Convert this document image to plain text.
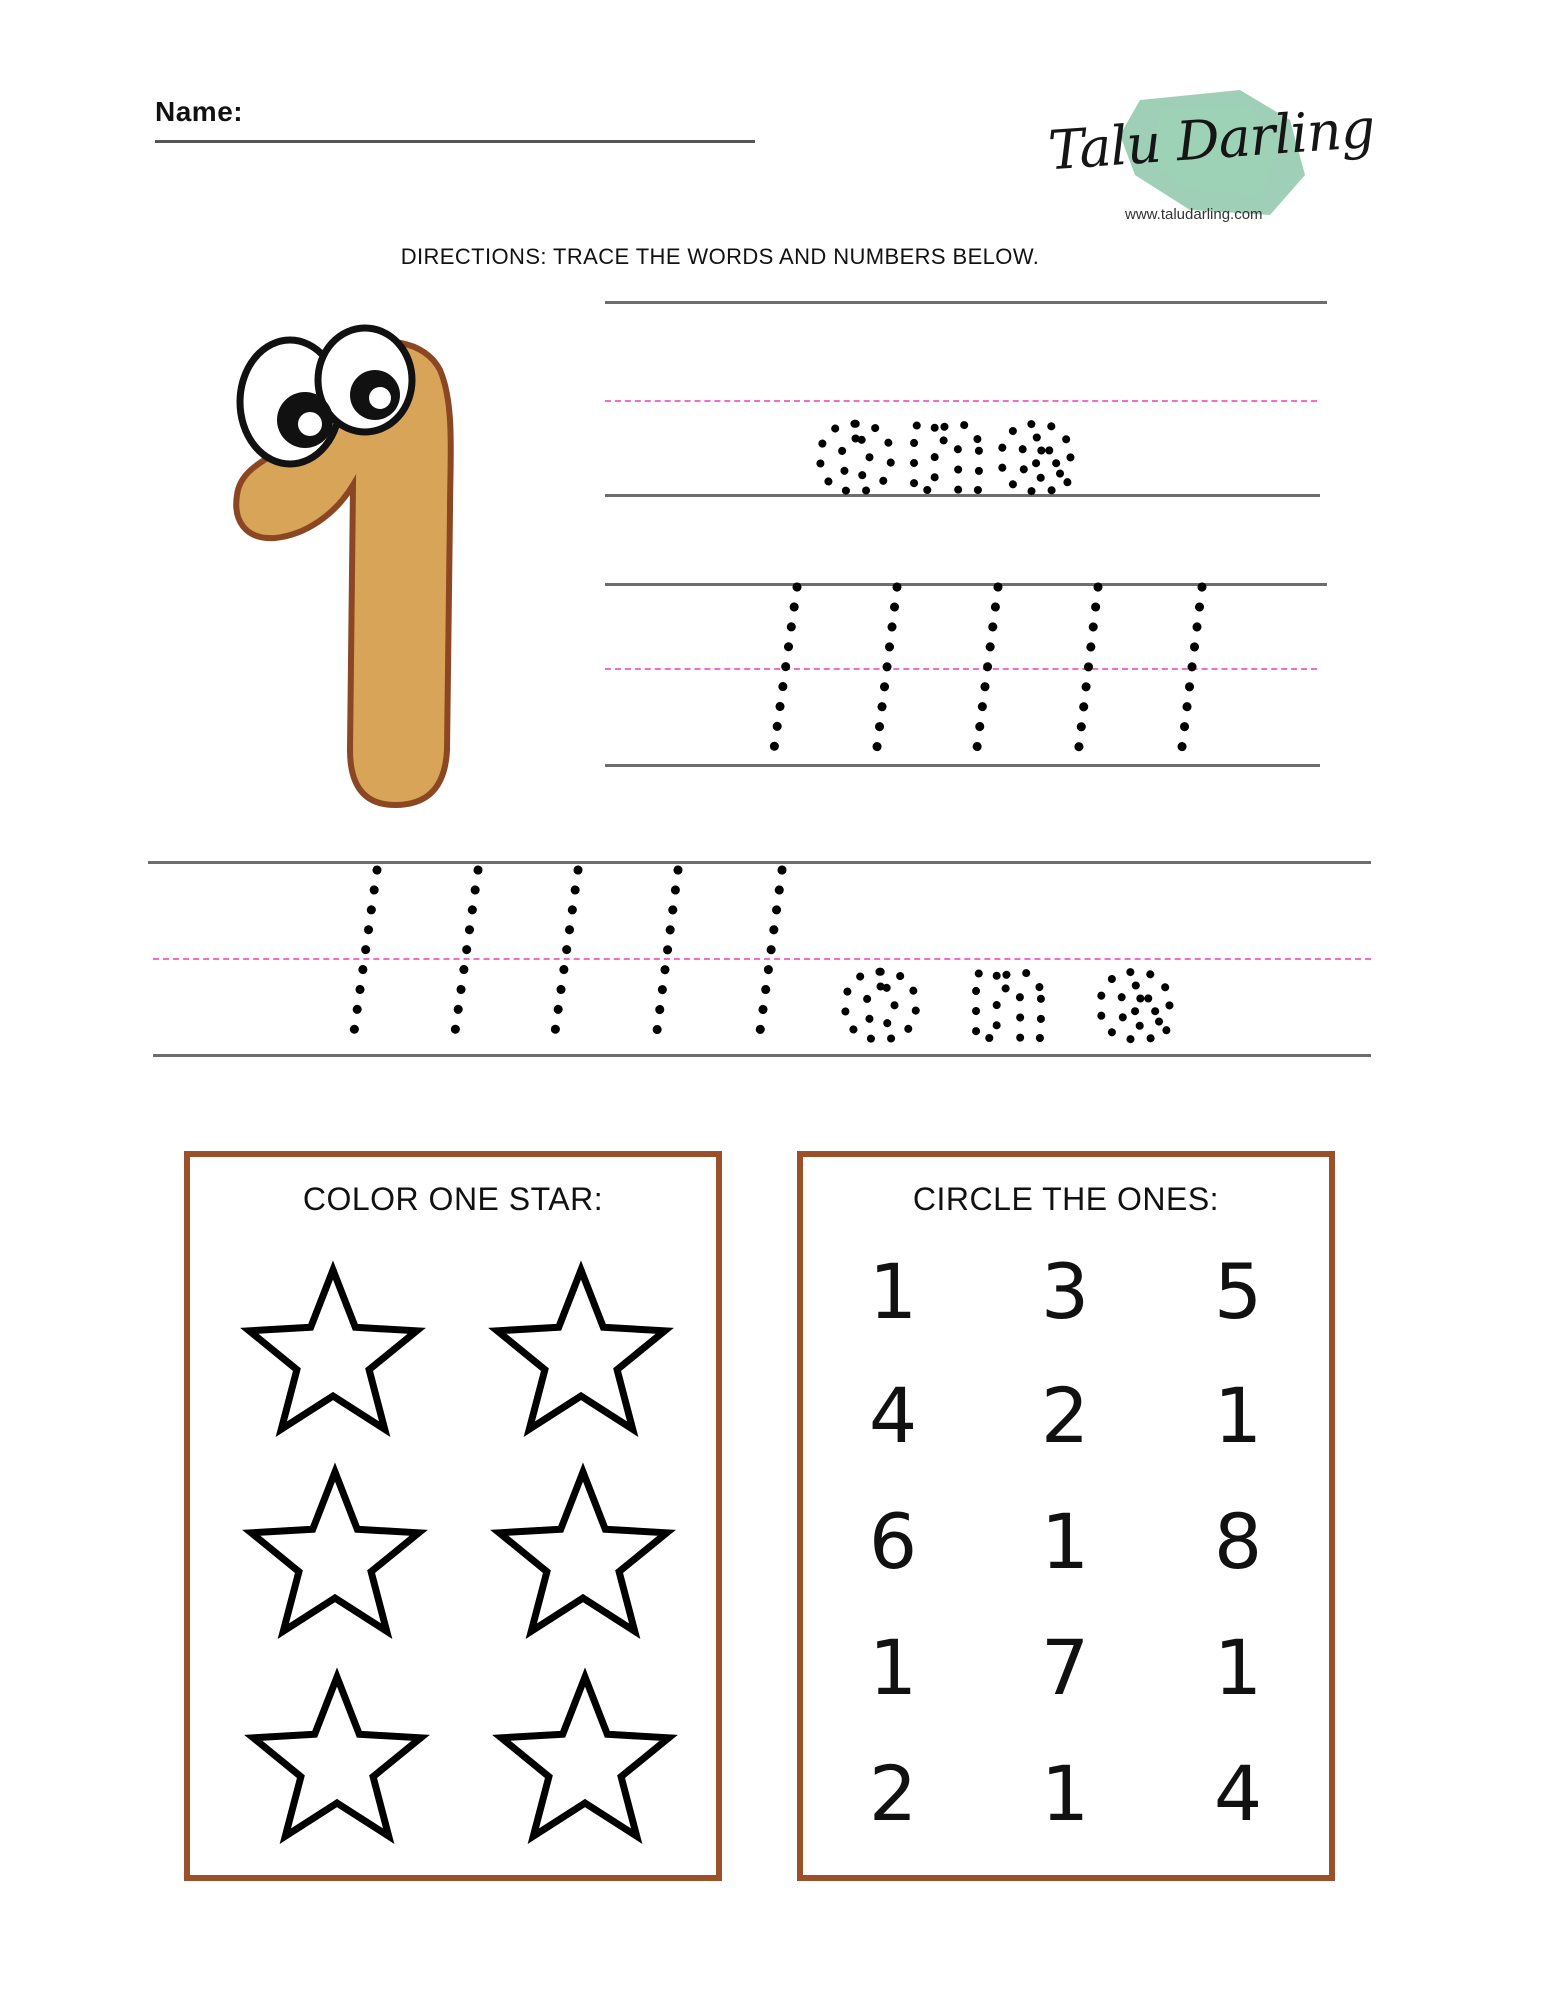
Name:	Talu Darling
www.taludarling.com
DIRECTIONS: TRACE THE WORDS AND NUMBERS BELOW.
one
1 1 1 1 1
one
1 1 1 1 1 one
COLOR ONE STAR:	CIRCLE THE ONES:
1 3 5
4 2 1
6 1 8
1 7 1
2 1 4
